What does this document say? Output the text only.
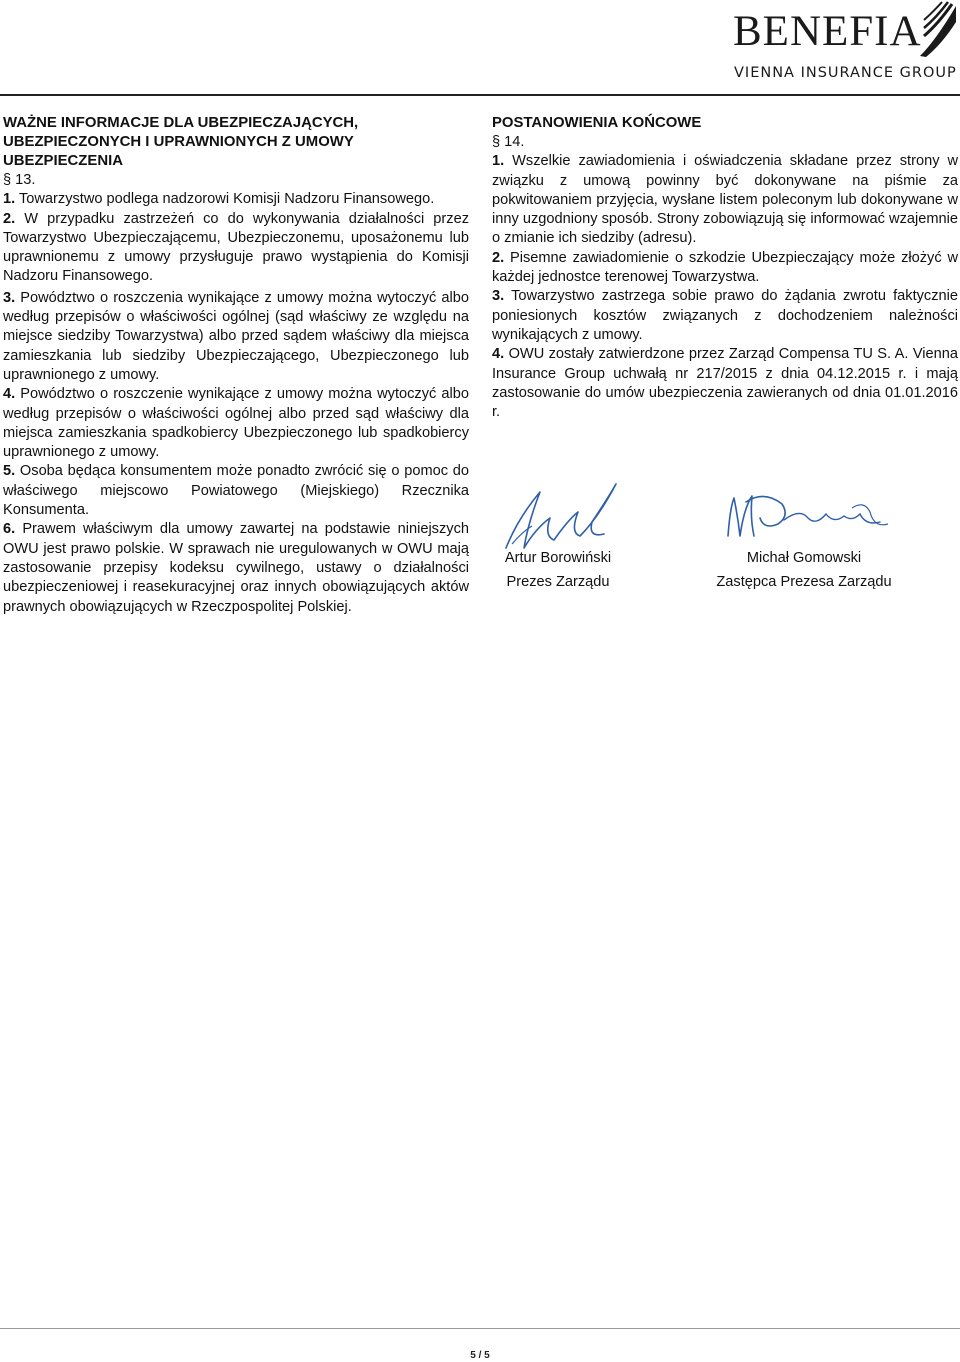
BENEFIA
VIENNA INSURANCE GROUP
WAŻNE INFORMACJE DLA UBEZPIECZAJĄCYCH, UBEZPIECZONYCH I UPRAWNIONYCH Z UMOWY UBEZPIECZENIA
§ 13.

1. Towarzystwo podlega nadzorowi Komisji Nadzoru Finansowego.

2. W przypadku zastrzeżeń co do wykonywania działalności przez Towarzystwo Ubezpieczającemu, Ubezpieczonemu, uposażonemu lub uprawnionemu z umowy przysługuje prawo wystąpienia do Komisji Nadzoru Finansowego.

3. Powództwo o roszczenia wynikające z umowy można wytoczyć albo według przepisów o właściwości ogólnej (sąd właściwy ze względu na miejsce siedziby Towarzystwa) albo przed sądem właściwy dla miejsca zamieszkania lub siedziby Ubezpieczającego, Ubezpieczonego lub uprawnionego z umowy.

4. Powództwo o roszczenie wynikające z umowy można wytoczyć albo według przepisów o właściwości ogólnej albo przed sąd właściwy dla miejsca zamieszkania spadkobiercy Ubezpieczonego lub spadkobiercy uprawnionego z umowy.

5. Osoba będąca konsumentem może ponadto zwrócić się o pomoc do właściwego miejscowo Powiatowego (Miejskiego) Rzecznika Konsumenta.

6. Prawem właściwym dla umowy zawartej na podstawie niniejszych OWU jest prawo polskie. W sprawach nie uregulowanych w OWU mają zastosowanie przepisy kodeksu cywilnego, ustawy o działalności ubezpieczeniowej i reasekuracyjnej oraz innych obowiązujących aktów prawnych obowiązujących w Rzeczpospolitej Polskiej.

POSTANOWIENIA KOŃCOWE
§ 14.

1. Wszelkie zawiadomienia i oświadczenia składane przez strony w związku z umową powinny być dokonywane na piśmie za pokwitowaniem przyjęcia, wysłane listem poleconym lub dokonywane w inny uzgodniony sposób. Strony zobowiązują się informować wzajemnie o zmianie ich siedziby (adresu).

2. Pisemne zawiadomienie o szkodzie Ubezpieczający może złożyć w każdej jednostce terenowej Towarzystwa.

3. Towarzystwo zastrzega sobie prawo do żądania zwrotu faktycznie poniesionych kosztów związanych z dochodzeniem należności wynikających z umowy.

4. OWU zostały zatwierdzone przez Zarząd Compensa TU S. A. Vienna Insurance Group uchwałą nr 217/2015 z dnia 04.12.2015 r. i mają zastosowanie do umów ubezpieczenia zawieranych od dnia 01.01.2016 r.

Artur Borowiński
Prezes Zarządu
Michał Gomowski
Zastępca Prezesa Zarządu
5 / 5
